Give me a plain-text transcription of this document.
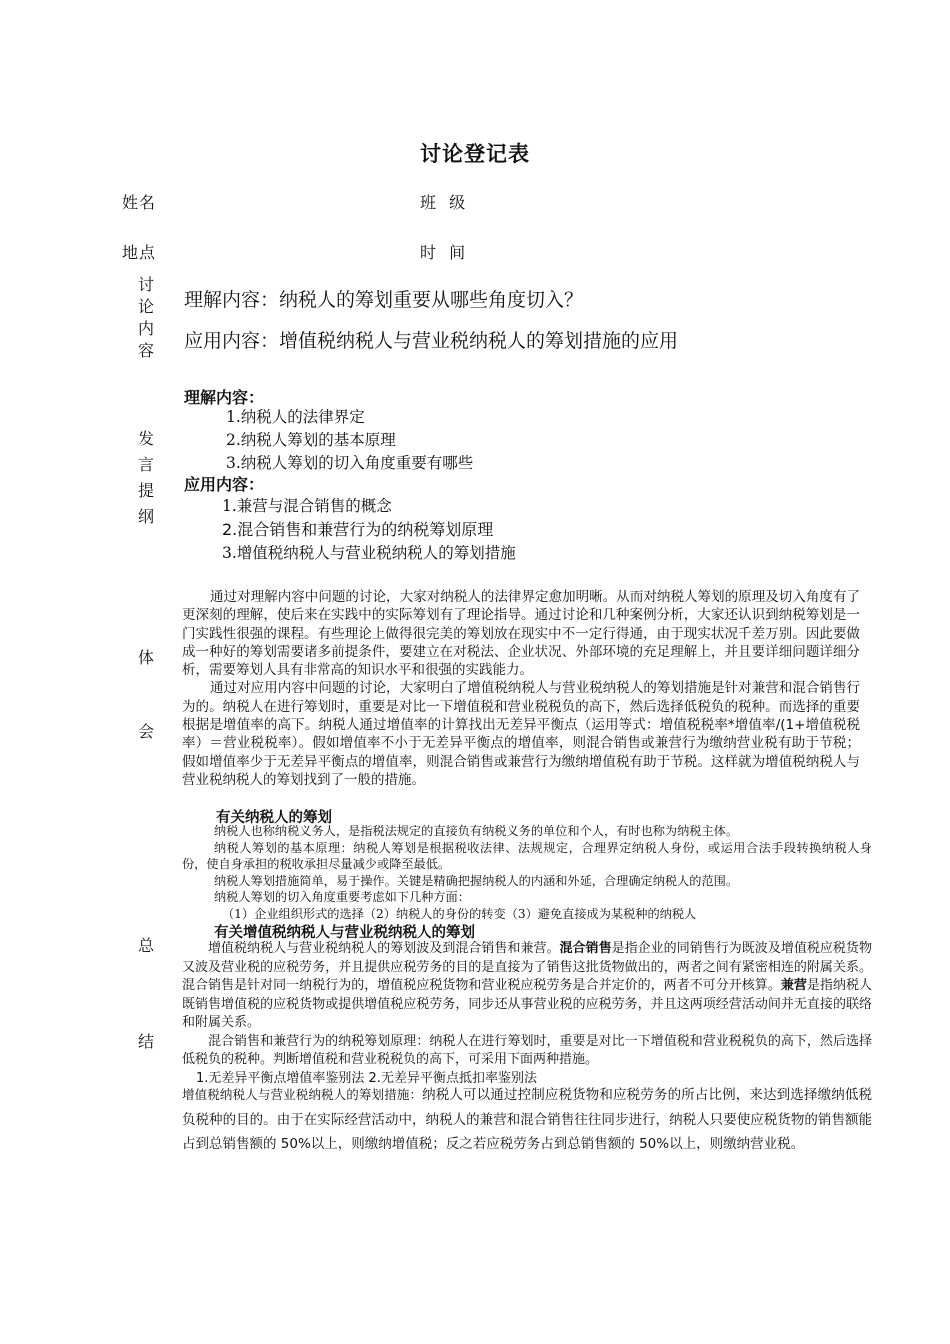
讨论登记表
姓名	班  级
地点	时  间
讨
论
内
容
理解内容：纳税人的筹划重要从哪些角度切入？
应用内容：增值税纳税人与营业税纳税人的筹划措施的应用
发
言
提
纲
理解内容：
1.纳税人的法律界定
2.纳税人筹划的基本原理
3.纳税人筹划的切入角度重要有哪些
应用内容：
1.兼营与混合销售的概念
2.混合销售和兼营行为的纳税筹划原理
3.增值税纳税人与营业税纳税人的筹划措施
体
会

通过对理解内容中问题的讨论，大家对纳税人的法律界定愈加明晰。从而对纳税人筹划的原理及切入角度有了更深刻的理解，使后来在实践中的实际筹划有了理论指导。通过讨论和几种案例分析，大家还认识到纳税筹划是一门实践性很强的课程。有些理论上做得很完美的筹划放在现实中不一定行得通，由于现实状况千差万别。因此要做成一种好的筹划需要诸多前提条件，要建立在对税法、企业状况、外部环境的充足理解上，并且要详细问题详细分析，需要筹划人具有非常高的知识水平和很强的实践能力。

通过对应用内容中问题的讨论，大家明白了增值税纳税人与营业税纳税人的筹划措施是针对兼营和混合销售行为的。纳税人在进行筹划时，重要是对比一下增值税和营业税税负的高下，然后选择低税负的税种。而选择的重要根据是增值率的高下。纳税人通过增值率的计算找出无差异平衡点（运用等式：增值税税率*增值率/(1+增值税税率）＝营业税税率）。假如增值率不小于无差异平衡点的增值率，则混合销售或兼营行为缴纳营业税有助于节税；假如增值率少于无差异平衡点的增值率，则混合销售或兼营行为缴纳增值税有助于节税。这样就为增值税纳税人与营业税纳税人的筹划找到了一般的措施。

总
结
有关纳税人的筹划

纳税人也称纳税义务人，是指税法规定的直接负有纳税义务的单位和个人，有时也称为纳税主体。

纳税人筹划的基本原理：纳税人筹划是根据税收法律、法规规定，合理界定纳税人身份，或运用合法手段转换纳税人身份，使自身承担的税收承担尽量减少或降至最低。

纳税人筹划措施简单，易于操作。关键是精确把握纳税人的内涵和外延，合理确定纳税人的范围。

纳税人筹划的切入角度重要考虑如下几种方面：

（1）企业组织形式的选择（2）纳税人的身份的转变（3）避免直接成为某税种的纳税人

有关增值税纳税人与营业税纳税人的筹划

增值税纳税人与营业税纳税人的筹划波及到混合销售和兼营。混合销售是指企业的同销售行为既波及增值税应税货物又波及营业税的应税劳务，并且提供应税劳务的目的是直接为了销售这批货物做出的，两者之间有紧密相连的附属关系。混合销售是针对同一纳税行为的，增值税应税货物和营业税应税劳务是合并定价的，两者不可分开核算。兼营是指纳税人既销售增值税的应税货物或提供增值税应税劳务，同步还从事营业税的应税劳务，并且这两项经营活动间并无直接的联络和附属关系。

混合销售和兼营行为的纳税筹划原理：纳税人在进行筹划时，重要是对比一下增值税和营业税税负的高下，然后选择低税负的税种。判断增值税和营业税税负的高下，可采用下面两种措施。

1.无差异平衡点增值率鉴别法 2.无差异平衡点抵扣率鉴别法

增值税纳税人与营业税纳税人的筹划措施：纳税人可以通过控制应税货物和应税劳务的所占比例，来达到选择缴纳低税负税种的目的。由于在实际经营活动中，纳税人的兼营和混合销售往往同步进行，纳税人只要使应税货物的销售额能占到总销售额的 50%以上，则缴纳增值税；反之若应税劳务占到总销售额的 50%以上，则缴纳营业税。
